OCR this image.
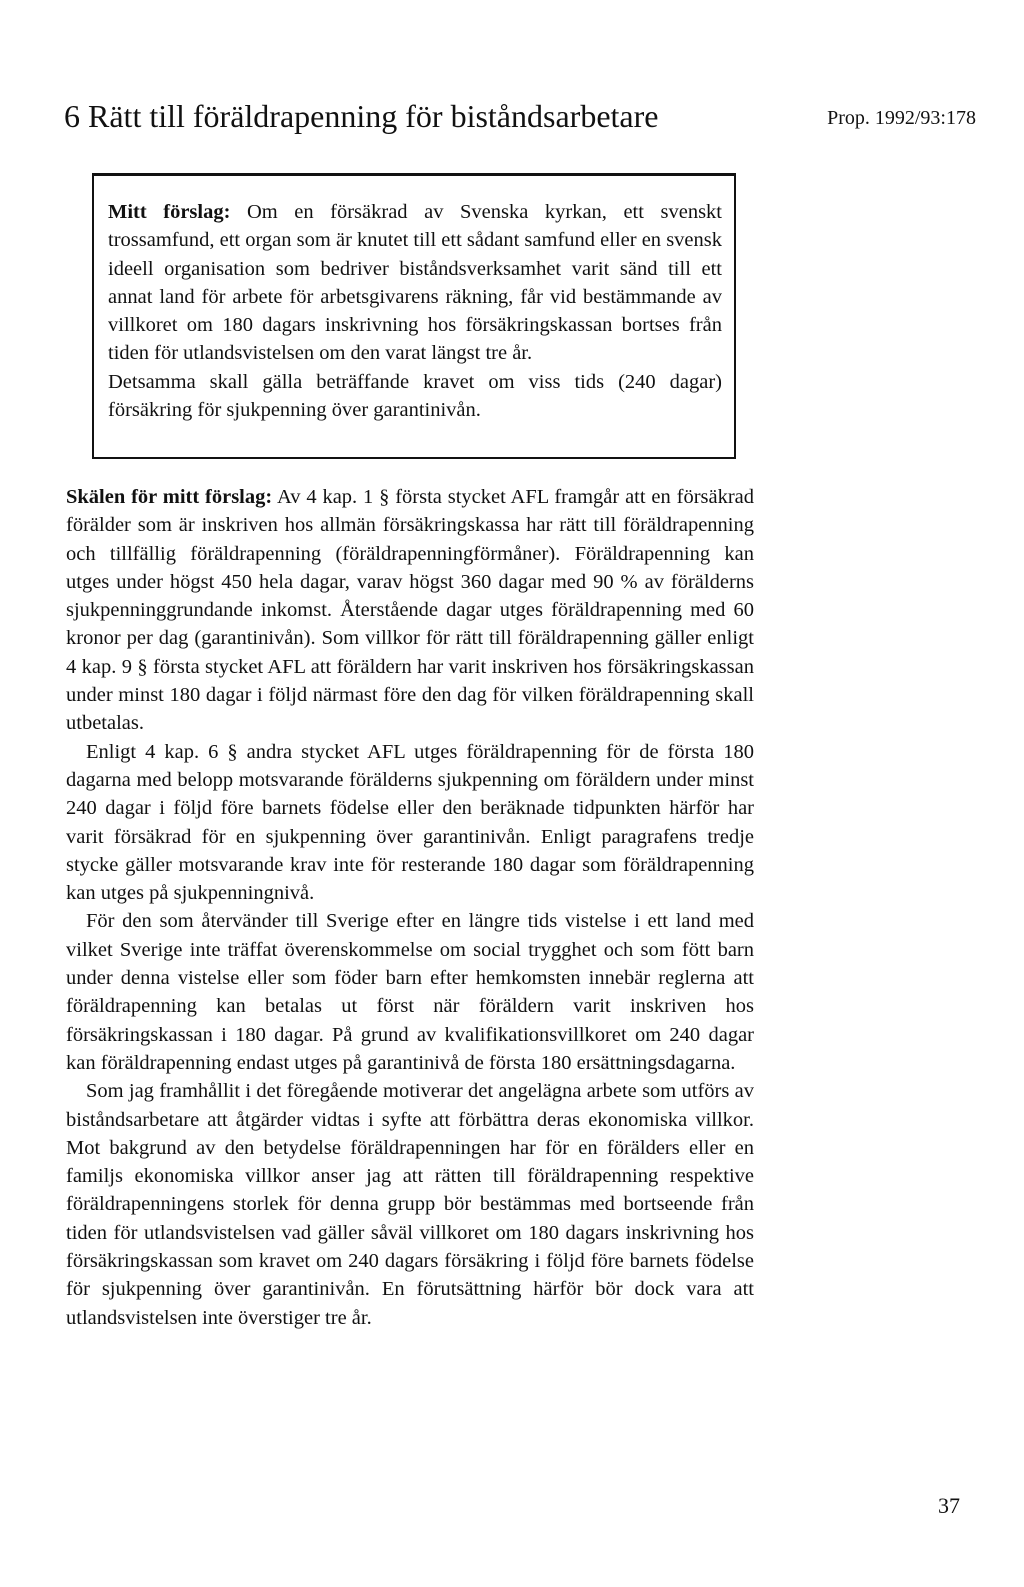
6 Rätt till föräldrapenning för biståndsarbetare	Prop. 1992/93:178

Mitt förslag: Om en försäkrad av Svenska kyrkan, ett svenskt trossamfund, ett organ som är knutet till ett sådant samfund eller en svensk ideell organisation som bedriver biståndsverksamhet varit sänd till ett annat land för arbete för arbetsgivarens räkning, får vid bestämmande av villkoret om 180 dagars inskrivning hos försäkringskassan bortses från tiden för utlandsvistelsen om den varat längst tre år.

Detsamma skall gälla beträffande kravet om viss tids (240 dagar) försäkring för sjukpenning över garantinivån.

Skälen för mitt förslag: Av 4 kap. 1 § första stycket AFL framgår att en försäkrad förälder som är inskriven hos allmän försäkringskassa har rätt till föräldrapenning och tillfällig föräldrapenning (föräldrapenningförmåner). Föräldrapenning kan utges under högst 450 hela dagar, varav högst 360 dagar med 90 % av förälderns sjukpenninggrundande inkomst. Återstående dagar utges föräldrapenning med 60 kronor per dag (garantinivån). Som villkor för rätt till föräldrapenning gäller enligt 4 kap. 9 § första stycket AFL att föräldern har varit inskriven hos försäkringskassan under minst 180 dagar i följd närmast före den dag för vilken föräldrapenning skall utbetalas.

Enligt 4 kap. 6 § andra stycket AFL utges föräldrapenning för de första 180 dagarna med belopp motsvarande förälderns sjukpenning om föräldern under minst 240 dagar i följd före barnets födelse eller den beräknade tidpunkten härför har varit försäkrad för en sjukpenning över garantinivån. Enligt paragrafens tredje stycke gäller motsvarande krav inte för resterande 180 dagar som föräldrapenning kan utges på sjukpenningnivå.

För den som återvänder till Sverige efter en längre tids vistelse i ett land med vilket Sverige inte träffat överenskommelse om social trygghet och som fött barn under denna vistelse eller som föder barn efter hemkomsten innebär reglerna att föräldrapenning kan betalas ut först när föräldern varit inskriven hos försäkringskassan i 180 dagar. På grund av kvalifikationsvillkoret om 240 dagar kan föräldrapenning endast utges på garantinivå de första 180 ersättningsdagarna.

Som jag framhållit i det föregående motiverar det angelägna arbete som utförs av biståndsarbetare att åtgärder vidtas i syfte att förbättra deras ekonomiska villkor. Mot bakgrund av den betydelse föräldrapenningen har för en förälders eller en familjs ekonomiska villkor anser jag att rätten till föräldrapenning respektive föräldrapenningens storlek för denna grupp bör bestämmas med bortseende från tiden för utlandsvistelsen vad gäller såväl villkoret om 180 dagars inskrivning hos försäkringskassan som kravet om 240 dagars försäkring i följd före barnets födelse för sjukpenning över garantinivån. En förutsättning härför bör dock vara att utlandsvistelsen inte överstiger tre år.

37
